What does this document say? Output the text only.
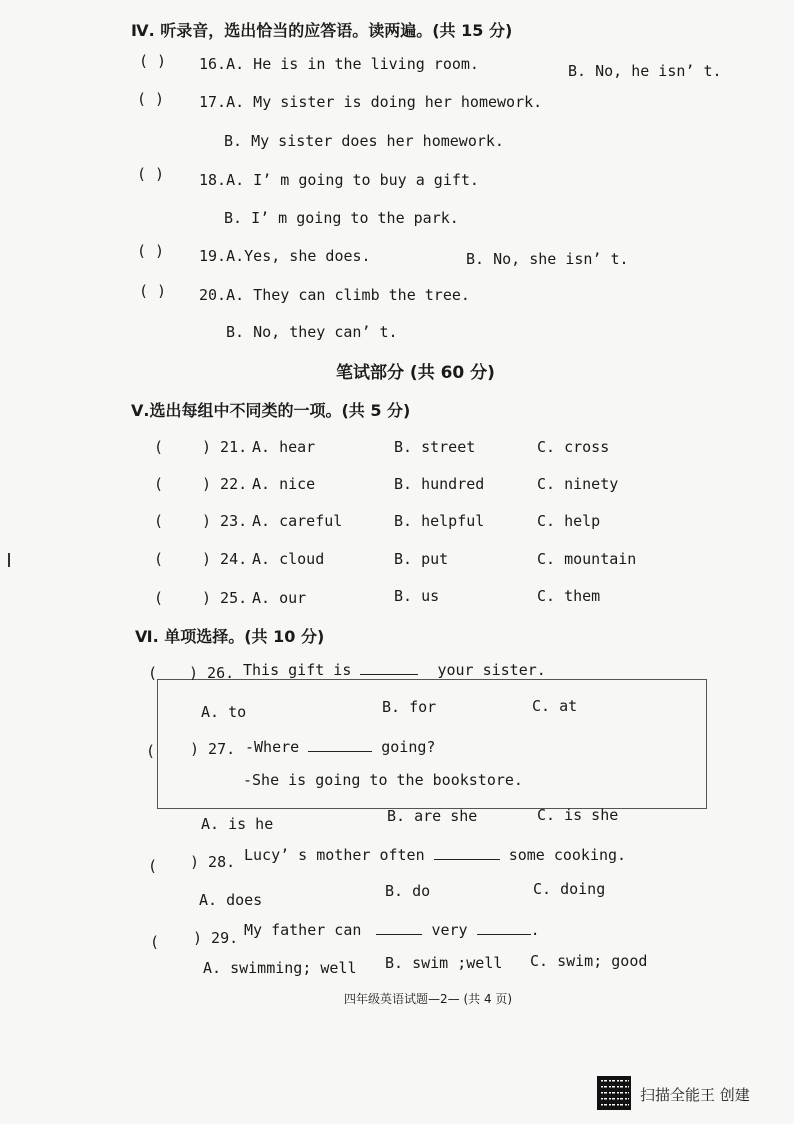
Ⅳ. 听录音，选出恰当的应答语。读两遍。(共 15 分)
( ) 16.A. He is in the living room.	B. No, he isn’ t.
( ) 17.A. My sister is doing her homework.
B. My sister does her homework.
( ) 18.A. I’ m going to buy a gift.
B. I’ m going to the park.
( ) 19.A.Yes, she does.	B. No, she isn’ t.
( ) 20.A. They can climb the tree.
B. No, they can’ t.
笔试部分 (共 60 分)
Ⅴ.选出每组中不同类的一项。(共 5 分)
(	) 21. A. hear	B. street	C. cross
(	) 22. A. nice	B. hundred	C. ninety
(	) 23. A. careful	B. helpful	C. help
(	) 24. A. cloud	B. put	C. mountain
(	) 25. A. our	B. us	C. them
Ⅵ. 单项选择。(共 10 分)
( ) 26. This gift is	your sister.
A. to	B. for	C. at
( ) 27. -Where	going?
-She is going to the bookstore.
A. is he	B. are she	C. is she
( ) 28. Lucy’ s mother often	some cooking.
A. does	B. do	C. doing
( ) 29. My father can	very	.
A. swimming; well B. swim ;well C. swim; good
四年级英语试题—2— (共 4 页)
扫描全能王 创建
